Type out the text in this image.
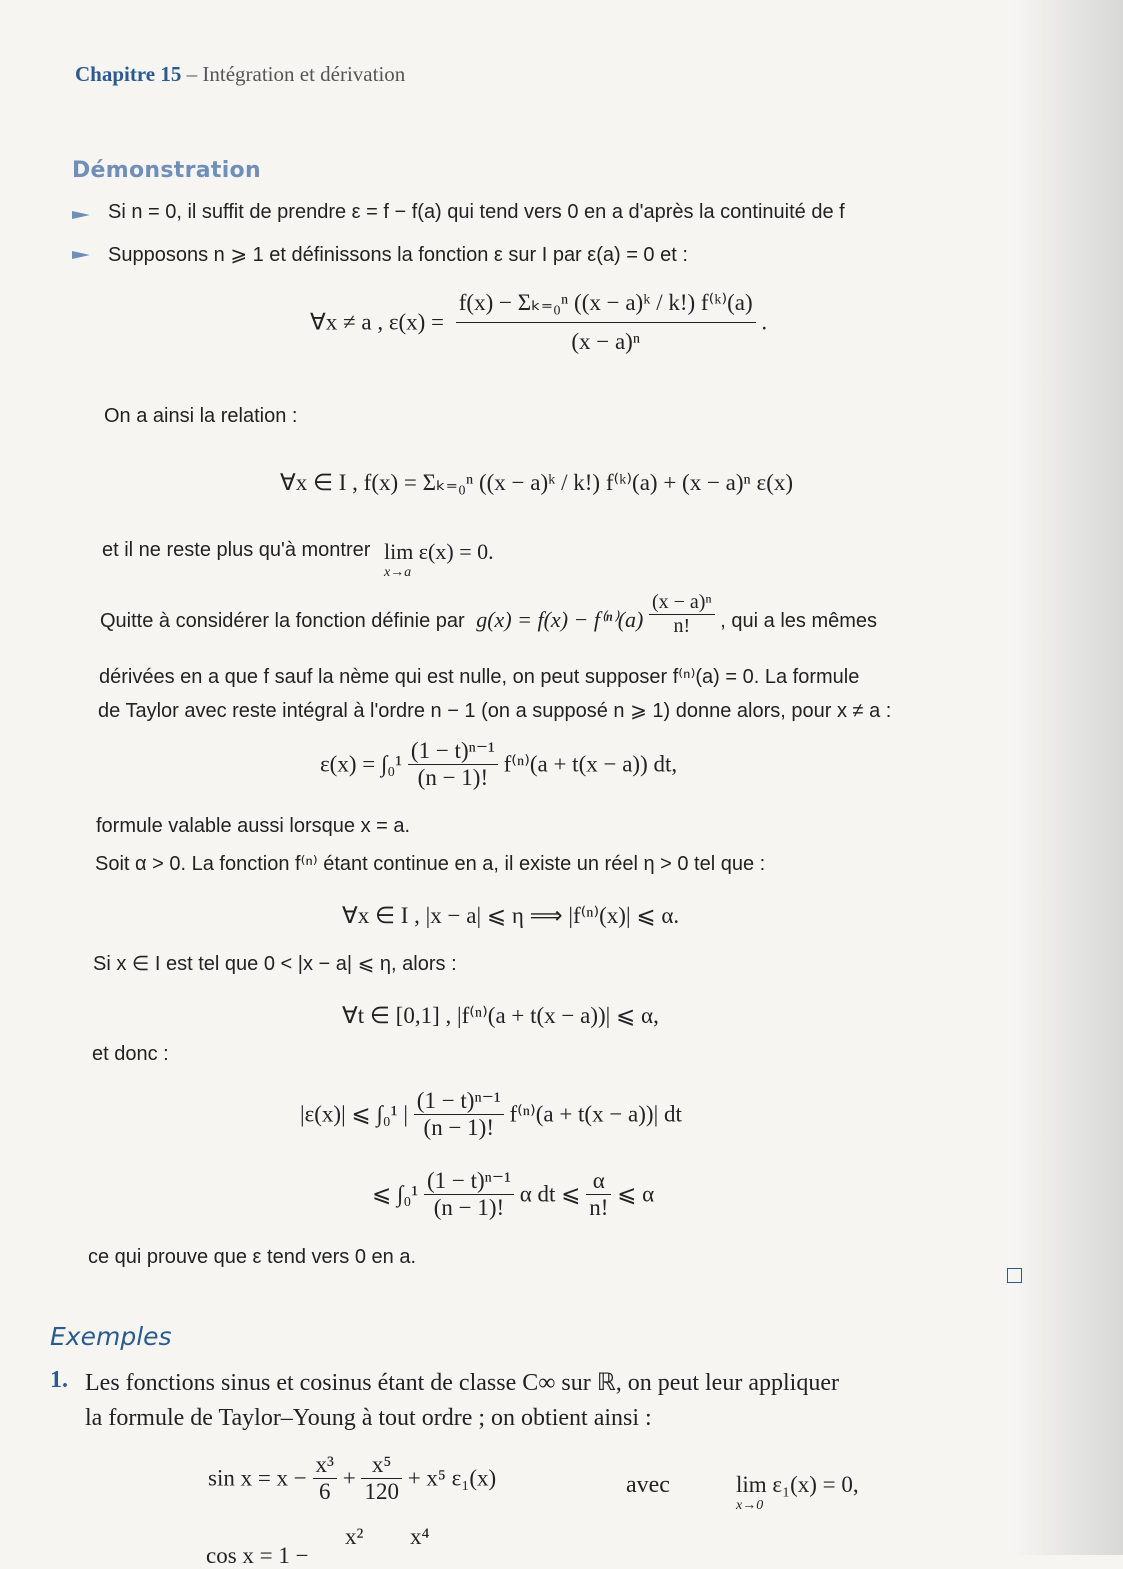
Chapitre 15 – Intégration et dérivation
Démonstration
Si n = 0, il suffit de prendre ε = f − f(a) qui tend vers 0 en a d'après la continuité de f
Supposons n ⩾ 1 et définissons la fonction ε sur I par ε(a) = 0 et :
∀x ≠ a , $\varepsilon(x) = \frac{\text{f(x) − Σₖ₌₀ⁿ ((x − a)ᵏ / k!) f⁽ᵏ⁾(a)}}{\text{(x − a)ⁿ}}$ .
On a ainsi la relation :
∀x ∈ I , f(x) = Σₖ₌₀ⁿ ((x − a)ᵏ / k!) f⁽ᵏ⁾(a) + (x − a)ⁿ ε(x)
et il ne reste plus qu'à montrer lim ε(x) = 0.
x→a
Quitte à considérer la fonction définie par $g(x) = f(x) - f^{(n)}(a) \frac{\text{(x − a)ⁿ}}{n!}$ , qui a les mêmes
dérivées en a que f sauf la nème qui est nulle, on peut supposer f⁽ⁿ⁾(a) = 0. La formule
de Taylor avec reste intégral à l'ordre n − 1 (on a supposé n ⩾ 1) donne alors, pour x ≠ a :
$\varepsilon(x) = \int_0^1 \frac{\text{(1 − t)ⁿ⁻¹}}{(n - 1)!} f^{(n)}(a + t(x - a))$ dt,
formule valable aussi lorsque x = a.
Soit α > 0. La fonction f⁽ⁿ⁾ étant continue en a, il existe un réel η > 0 tel que :
∀x ∈ I , |x − a| ⩽ η ⟹ |f⁽ⁿ⁾(x)| ⩽ α.
Si x ∈ I est tel que 0 < |x − a| ⩽ η, alors :
∀t ∈ [0,1] , |f⁽ⁿ⁾(a + t(x − a))| ⩽ α,
et donc :
|ε(x)| ⩽ ∫₀¹ | $\frac{\text{(1 − t)ⁿ⁻¹}}{(n - 1)!} f^{(n)}(a + t(x - a))|$ dt
⩽ $\int_0^1 \frac{\text{(1 − t)ⁿ⁻¹}}{(n - 1)!}$ α dt ⩽ $\frac{\alpha}{n!}$ ⩽ α
ce qui prouve que ε tend vers 0 en a.
Exemples
1. Les fonctions sinus et cosinus étant de classe C∞ sur ℝ, on peut leur appliquer
la formule de Taylor–Young à tout ordre ; on obtient ainsi :
$\sin x = x - \frac{\text{x³}}{6} + \frac{\text{x⁵}}{120} + x^5$ ε₁(x)	avec	lim ε₁(x) = 0,
x→0
x² x⁴
cos x = 1 −
